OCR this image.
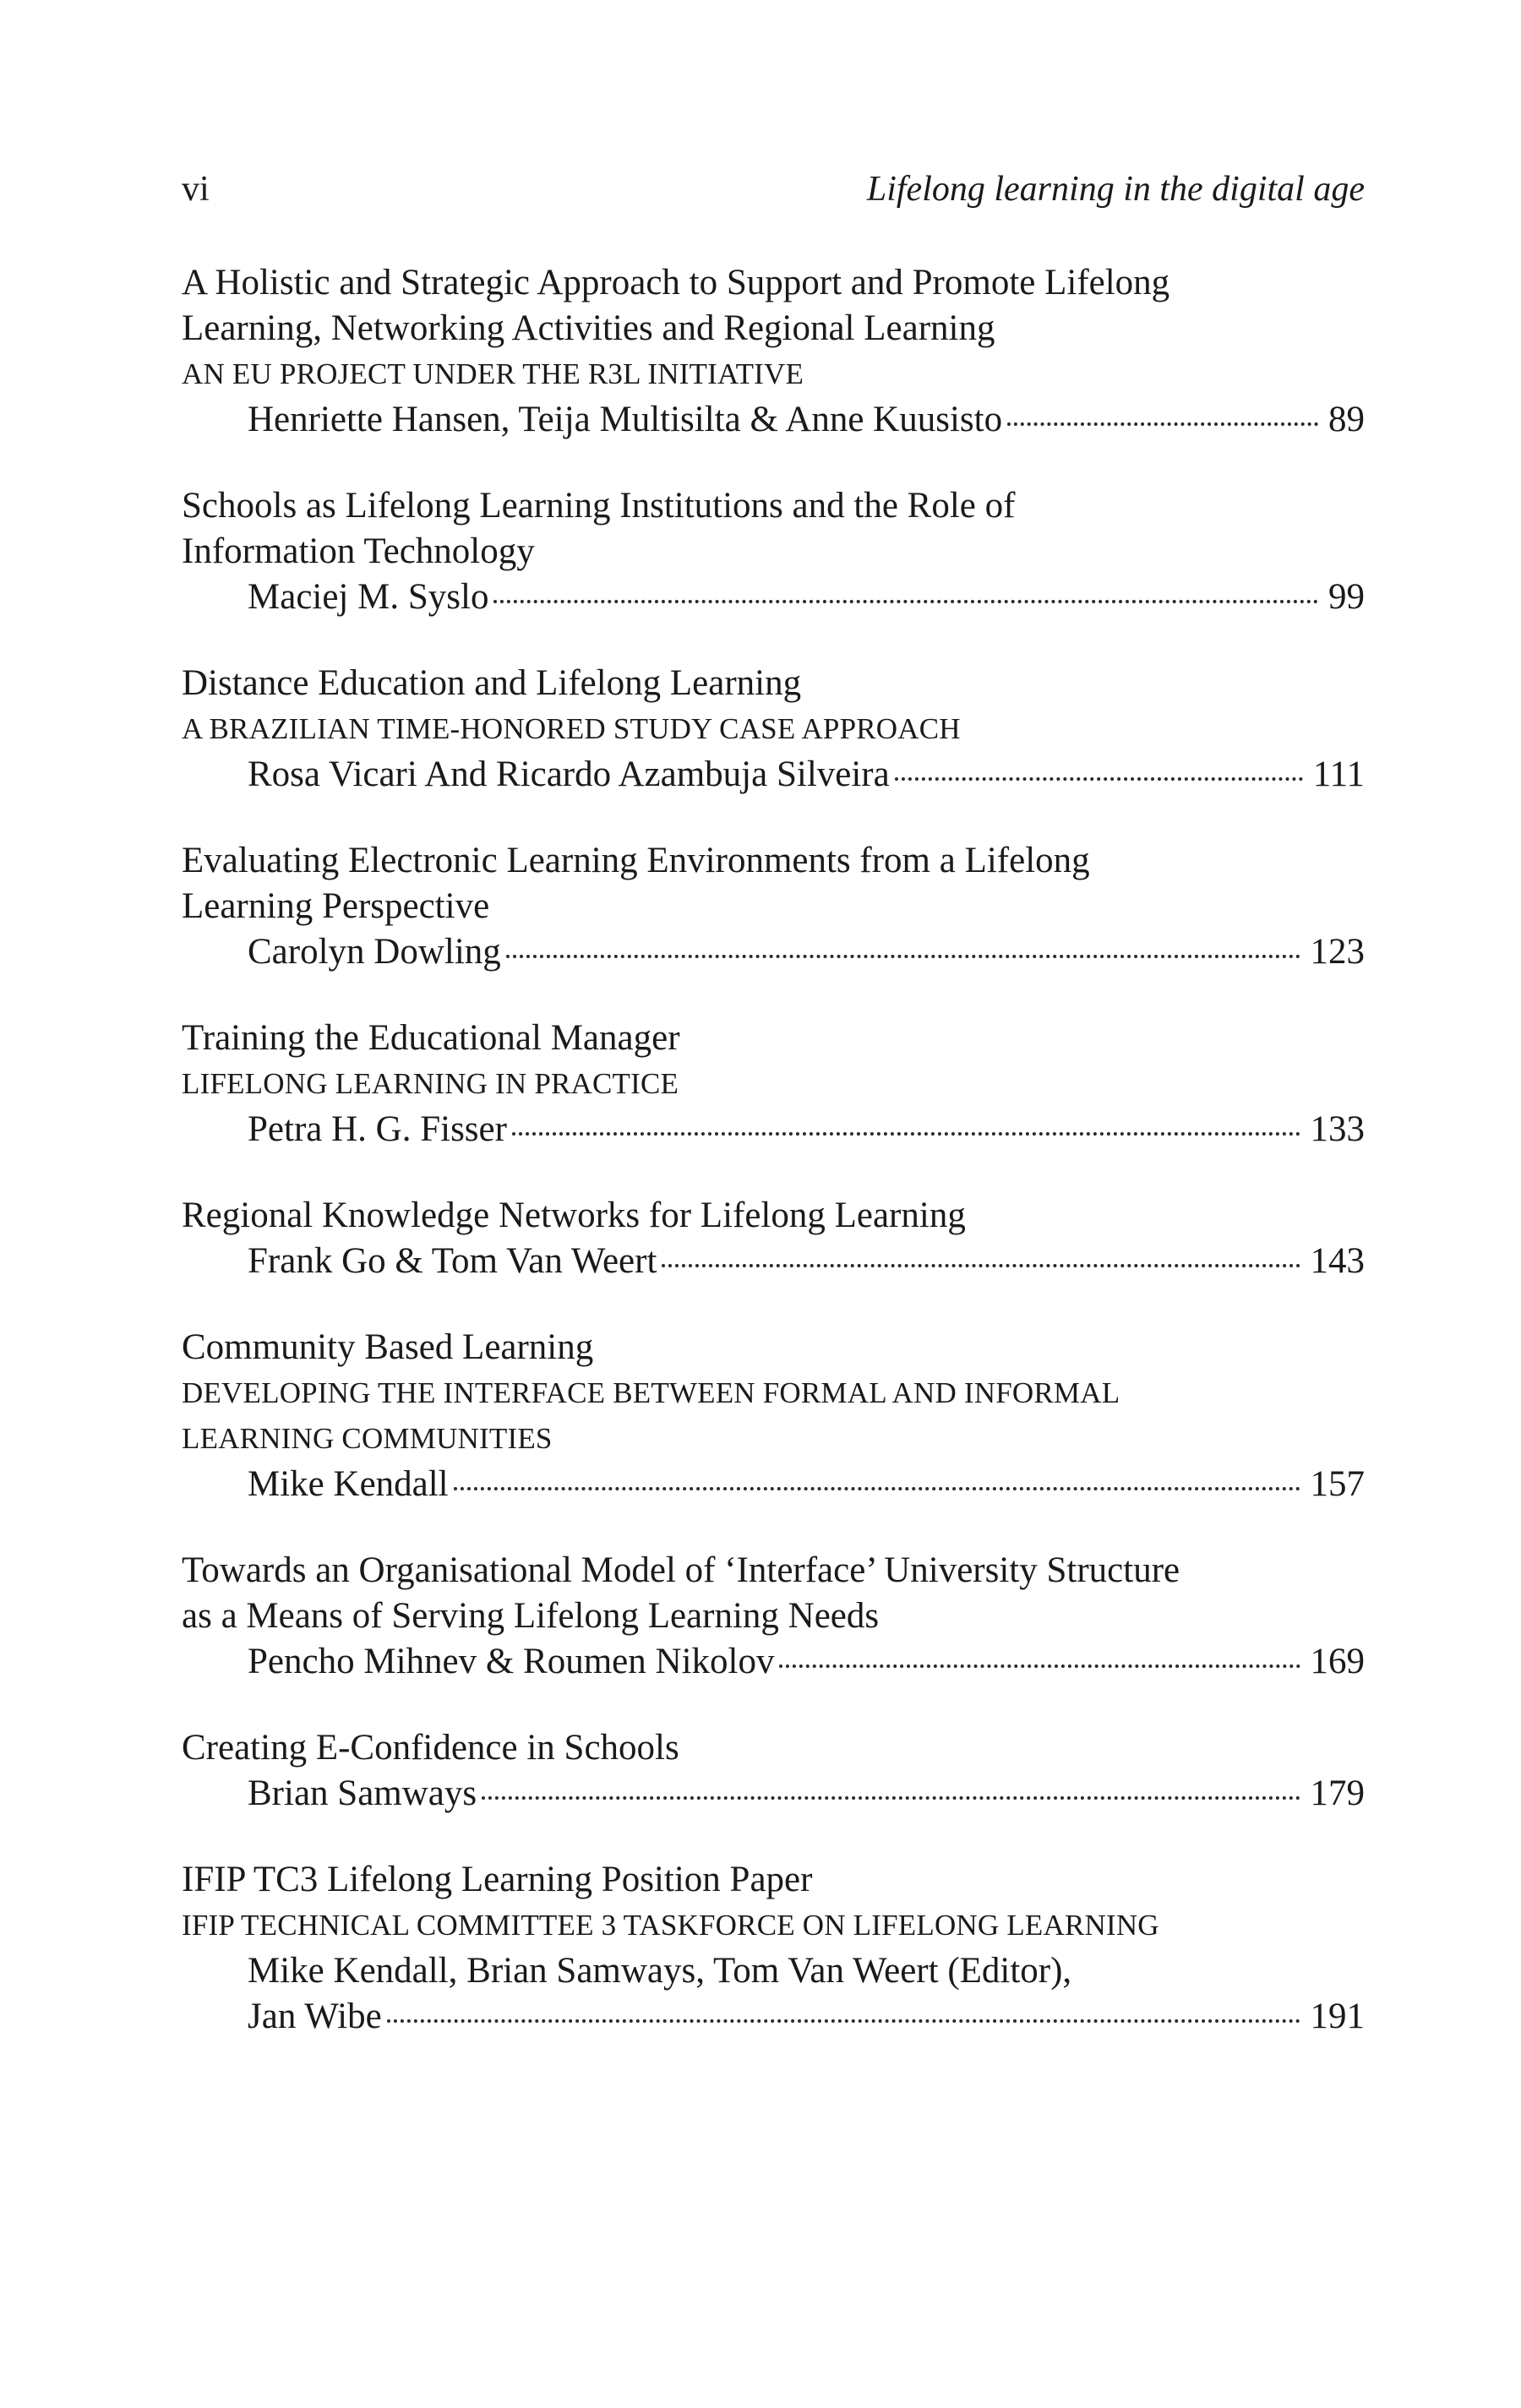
vi	Lifelong learning in the digital age
A Holistic and Strategic Approach to Support and Promote Lifelong
Learning, Networking Activities and Regional Learning
AN EU PROJECT UNDER THE R3L INITIATIVE
Henriette Hansen, Teija Multisilta & Anne Kuusisto	89
Schools as Lifelong Learning Institutions and the Role of
Information Technology
Maciej M. Syslo	99
Distance Education and Lifelong Learning
A BRAZILIAN TIME-HONORED STUDY CASE APPROACH
Rosa Vicari And Ricardo Azambuja Silveira	111
Evaluating Electronic Learning Environments from a Lifelong
Learning Perspective
Carolyn Dowling	123
Training the Educational Manager
LIFELONG LEARNING IN PRACTICE
Petra H. G. Fisser	133
Regional Knowledge Networks for Lifelong Learning
Frank Go & Tom Van Weert	143
Community Based Learning
DEVELOPING THE INTERFACE BETWEEN FORMAL AND INFORMAL
LEARNING COMMUNITIES
Mike Kendall	157
Towards an Organisational Model of ‘Interface’ University Structure
as a Means of Serving Lifelong Learning Needs
Pencho Mihnev & Roumen Nikolov	169
Creating E-Confidence in Schools
Brian Samways	179
IFIP TC3 Lifelong Learning Position Paper
IFIP TECHNICAL COMMITTEE 3 TASKFORCE ON LIFELONG LEARNING
Mike Kendall, Brian Samways, Tom Van Weert (Editor),
Jan Wibe	191
